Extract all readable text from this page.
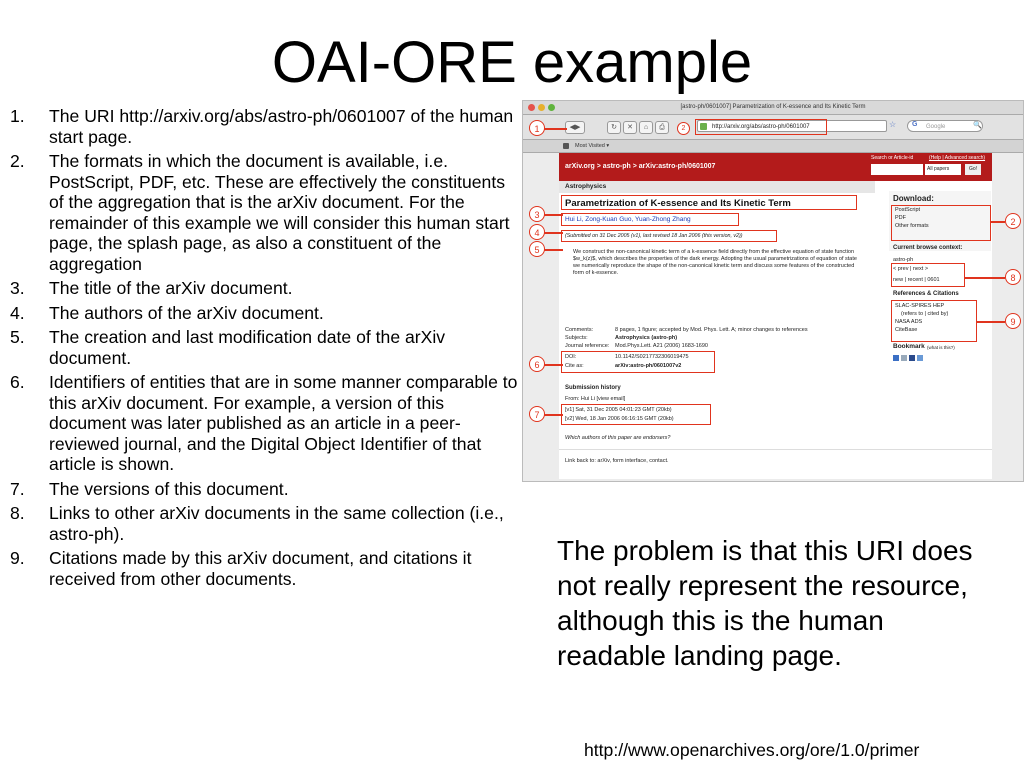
OAI-ORE example
1. The URI http://arxiv.org/abs/astro-ph/0601007 of the human start page.
2. The formats in which the document is available, i.e. PostScript, PDF, etc. These are effectively the constituents of the aggregation that is the arXiv document. For the remainder of this example we will consider this human start page, the splash page, as also a constituent of the aggregation
3. The title of the arXiv document.
4. The authors of the arXiv document.
5. The creation and last modification date of the arXiv document.
6. Identifiers of entities that are in some manner comparable to this arXiv document. For example, a version of this document was later published as an article in a peer-reviewed journal, and the Digital Object Identifier of that article is shown.
7. The versions of this document.
8. Links to other arXiv documents in the same collection (i.e., astro-ph).
9. Citations made by this arXiv document, and citations it received from other documents.
[astro-ph/0601007] Parametrization of K-essence and Its Kinetic Term
◀▶	↻	✕	⌂	⎙	http://arxiv.org/abs/astro-ph/0601007	☆	Google
G	🔍
Most Visited ▾
arXiv.org > astro-ph > arXiv:astro-ph/0601007
Search or Article-id	(Help | Advanced search)
All papers	Go!
Astrophysics
Parametrization of K-essence and Its Kinetic Term
Hui Li, Zong-Kuan Guo, Yuan-Zhong Zhang
(Submitted on 31 Dec 2005 (v1), last revised 18 Jan 2006 (this version, v2))
We construct the non-canonical kinetic term of a k-essence field directly from the effective equation of state function $w_k(z)$, which describes the properties of the dark energy. Adopting the usual parametrizations of equation of state we numerically reproduce the shape of the non-canonical kinetic term and discuss some features of the constructed form of k-essence.
Comments:	8 pages, 1 figure; accepted by Mod. Phys. Lett. A; minor changes to references
Subjects:	Astrophysics (astro-ph)
Journal reference: Mod.Phys.Lett. A21 (2006) 1683-1690
DOI:	10.1142/S0217732306019475
Cite as:	arXiv:astro-ph/0601007v2
Submission history
From: Hui Li [view email]
[v1] Sat, 31 Dec 2005 04:01:23 GMT (20kb)
[v2] Wed, 18 Jan 2006 06:16:15 GMT (20kb)
Which authors of this paper are endorsers?
Link back to: arXiv, form interface, contact.
Download:
PostScript
PDF
Other formats
Current browse context:
astro-ph
< prev | next >
new | recent | 0601
References & Citations
SLAC-SPIRES HEP
(refers to | cited by)
NASA ADS
CiteBase
Bookmark (what is this?)
1	2
2
3
4
5
6
7
8
9
The problem is that this URI does not really represent the resource, although this is the human readable landing page.
http://www.openarchives.org/ore/1.0/primer
